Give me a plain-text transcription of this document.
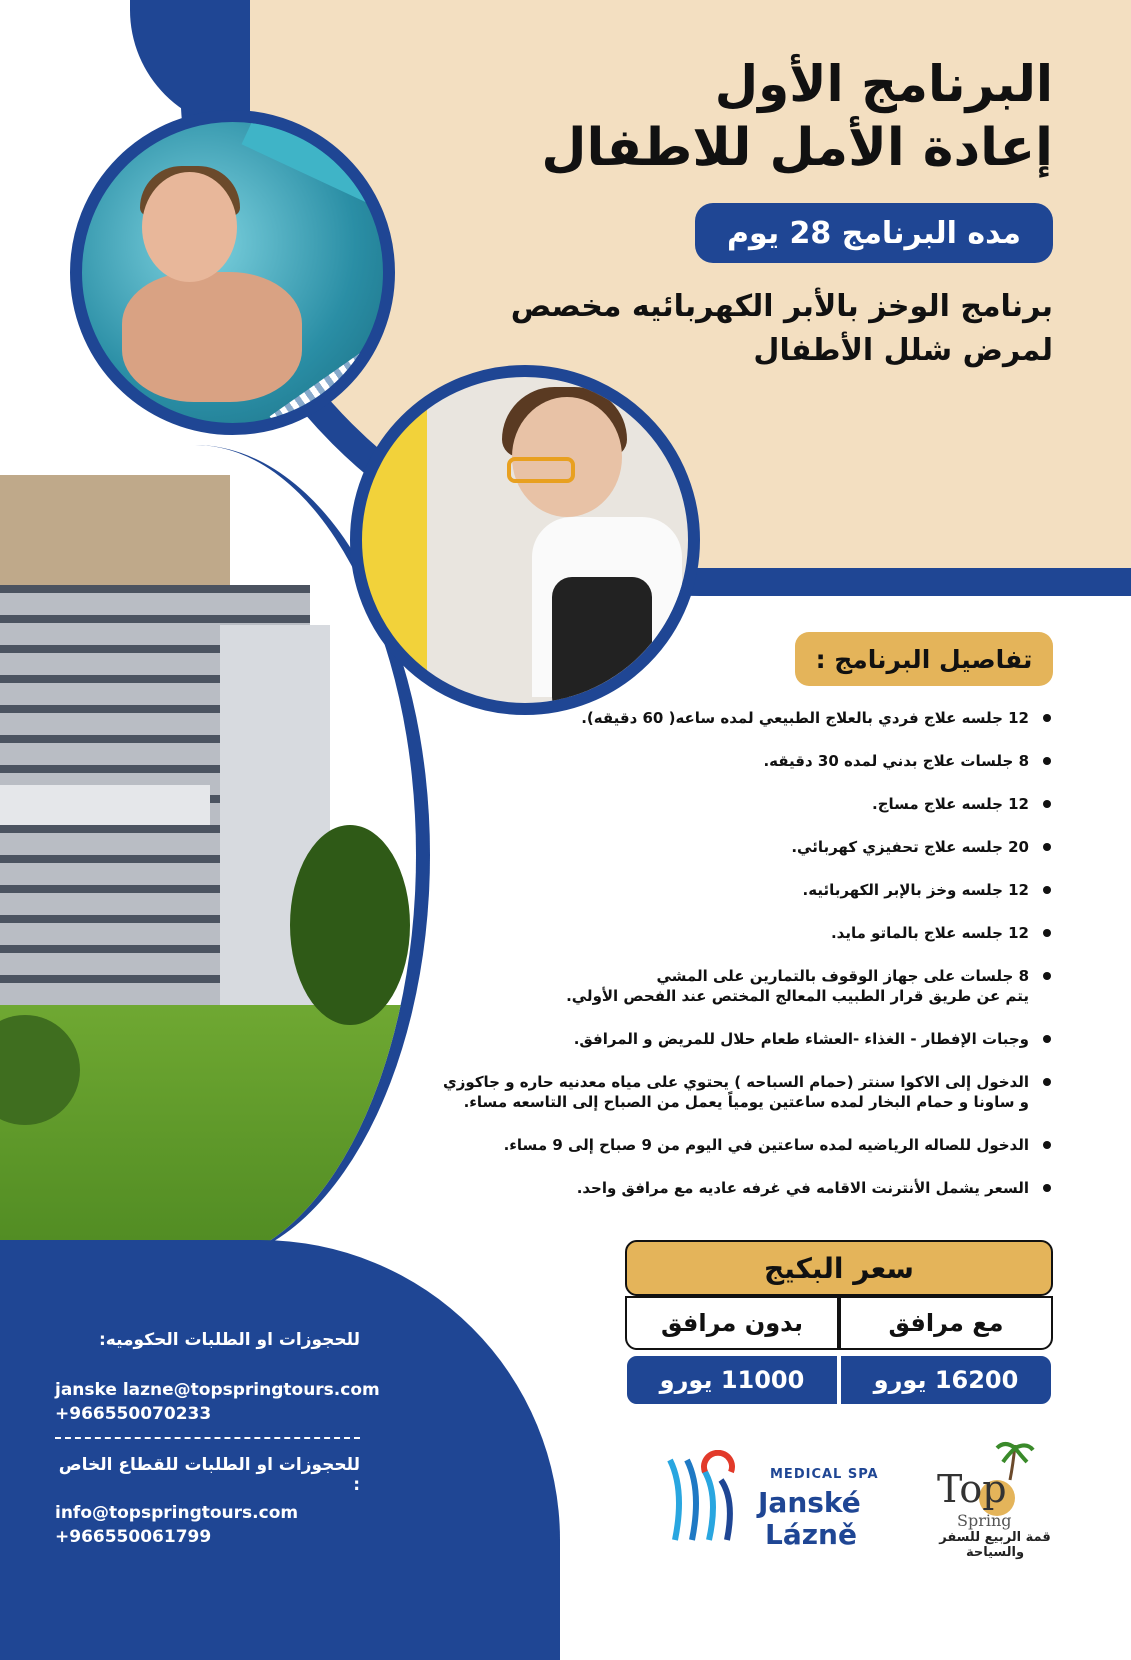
البرنامج الأول
إعادة الأمل للاطفال
مده البرنامج 28 يوم
برنامج الوخز بالأبر الكهربائيه مخصص
لمرض شلل الأطفال
تفاصيل البرنامج :
12 جلسه علاج فردي بالعلاج الطبيعي لمده ساعه( 60 دقيقه).
8 جلسات علاج بدني لمده 30 دقيقه.
12 جلسه علاج مساج.
20 جلسه علاج تحفيزي كهربائي.
12 جلسه وخز بالإبر الكهربائيه.
12 جلسه علاج بالماتو مايد.
8 جلسات على جهاز الوقوف بالتمارين على المشي
يتم عن طريق قرار الطبيب المعالج المختص عند الفحص الأولي.
وجبات الإفطار - الغذاء -العشاء طعام حلال للمريض و المرافق.
الدخول إلى الاكوا سنتر (حمام السباحه ) يحتوي على مياه معدنيه حاره و جاكوزي
و ساونا و حمام البخار لمده ساعتين يومياً يعمل من الصباح إلى التاسعه مساء.
الدخول للصاله الرياضيه لمده ساعتين في اليوم من 9 صباح إلى 9 مساء.
السعر يشمل الأنترنت الاقامه في غرفه عاديه مع مرافق واحد.
سعر البكيج
مع مرافق
بدون مرافق
16200 يورو
11000 يورو
للحجوزات او الطلبات الحكوميه:
janske lazne@topspringtours.com
+966550070233
للحجوزات او الطلبات للقطاع الخاص :
info@topspringtours.com
+966550061799
MEDICAL SPA
Janské
Lázně
Top
Spring
قمة الربيع للسفر والسياحة
